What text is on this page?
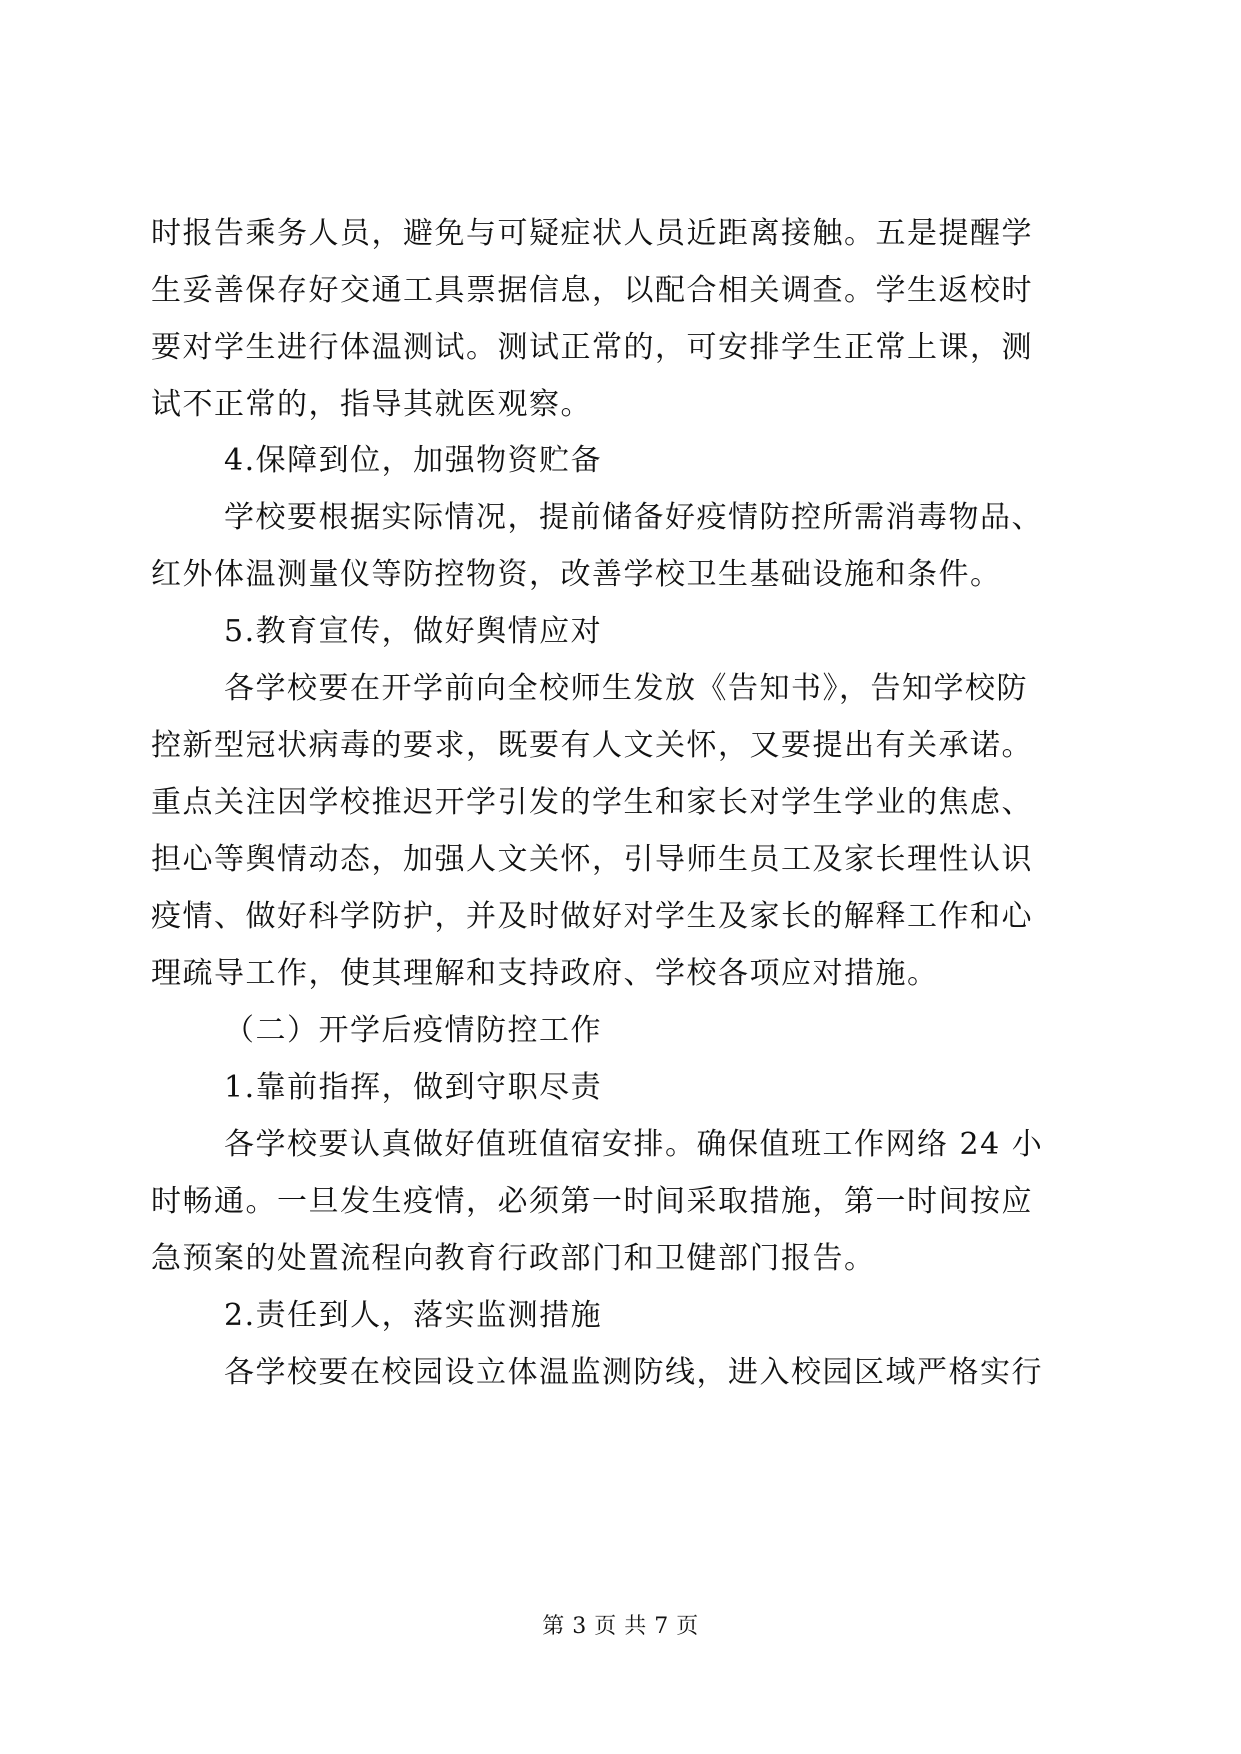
时报告乘务人员，避免与可疑症状人员近距离接触。五是提醒学

生妥善保存好交通工具票据信息，以配合相关调查。学生返校时

要对学生进行体温测试。测试正常的，可安排学生正常上课，测

试不正常的，指导其就医观察。

4.保障到位，加强物资贮备

学校要根据实际情况，提前储备好疫情防控所需消毒物品、

红外体温测量仪等防控物资，改善学校卫生基础设施和条件。

5.教育宣传，做好舆情应对

各学校要在开学前向全校师生发放《告知书》，告知学校防

控新型冠状病毒的要求，既要有人文关怀，又要提出有关承诺。

重点关注因学校推迟开学引发的学生和家长对学生学业的焦虑、

担心等舆情动态，加强人文关怀，引导师生员工及家长理性认识

疫情、做好科学防护，并及时做好对学生及家长的解释工作和心

理疏导工作，使其理解和支持政府、学校各项应对措施。

（二）开学后疫情防控工作

1.靠前指挥，做到守职尽责

各学校要认真做好值班值宿安排。确保值班工作网络 24 小

时畅通。一旦发生疫情，必须第一时间采取措施，第一时间按应

急预案的处置流程向教育行政部门和卫健部门报告。

2.责任到人，落实监测措施

各学校要在校园设立体温监测防线，进入校园区域严格实行

第 3 页 共 7 页
